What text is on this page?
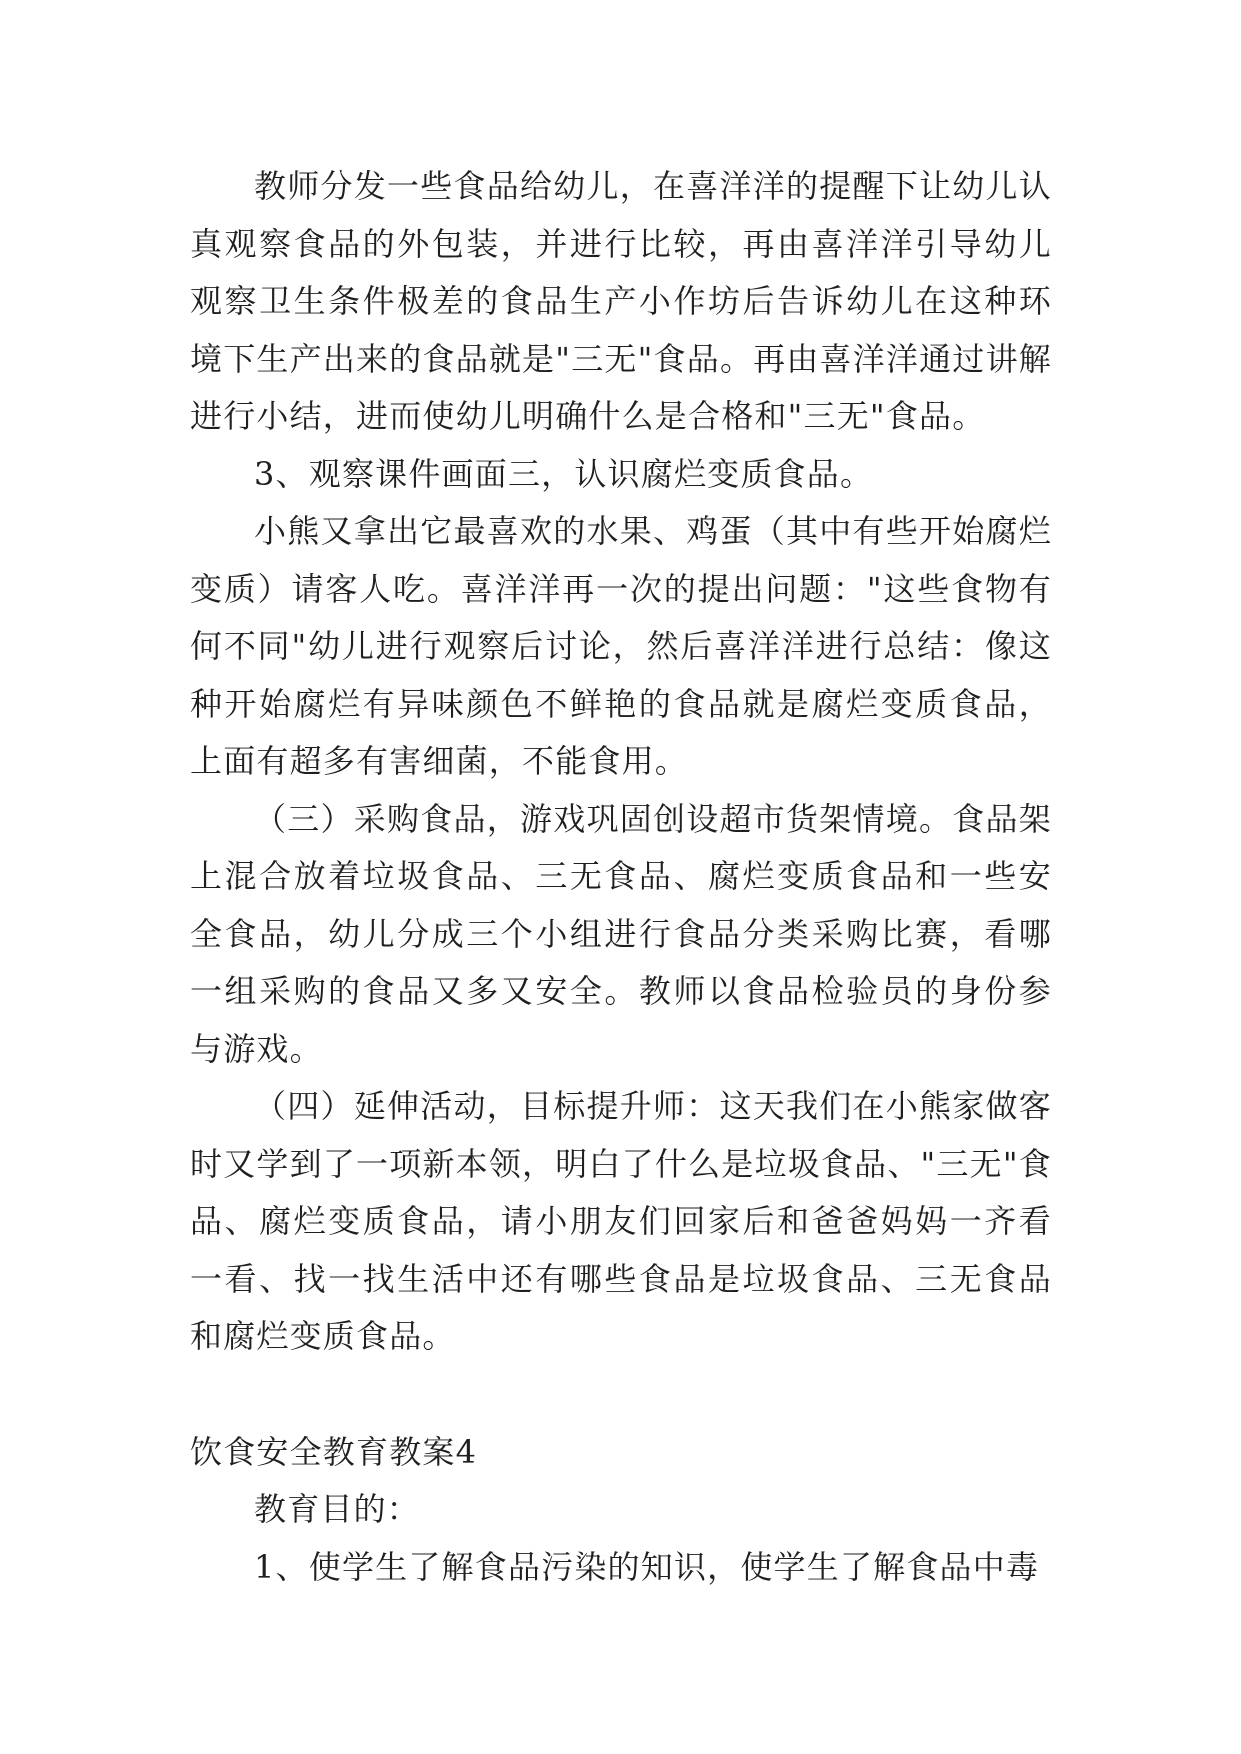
教师分发一些食品给幼儿，在喜洋洋的提醒下让幼儿认真观察食品的外包装，并进行比较，再由喜洋洋引导幼儿观察卫生条件极差的食品生产小作坊后告诉幼儿在这种环境下生产出来的食品就是"三无"食品。再由喜洋洋通过讲解进行小结，进而使幼儿明确什么是合格和"三无"食品。

3、观察课件画面三，认识腐烂变质食品。

小熊又拿出它最喜欢的水果、鸡蛋（其中有些开始腐烂变质）请客人吃。喜洋洋再一次的提出问题："这些食物有何不同"幼儿进行观察后讨论，然后喜洋洋进行总结：像这种开始腐烂有异味颜色不鲜艳的食品就是腐烂变质食品，上面有超多有害细菌，不能食用。

（三）采购食品，游戏巩固创设超市货架情境。食品架上混合放着垃圾食品、三无食品、腐烂变质食品和一些安全食品，幼儿分成三个小组进行食品分类采购比赛，看哪一组采购的食品又多又安全。教师以食品检验员的身份参与游戏。

（四）延伸活动，目标提升师：这天我们在小熊家做客时又学到了一项新本领，明白了什么是垃圾食品、"三无"食品、腐烂变质食品，请小朋友们回家后和爸爸妈妈一齐看一看、找一找生活中还有哪些食品是垃圾食品、三无食品和腐烂变质食品。

饮食安全教育教案4

教育目的：

1、使学生了解食品污染的知识，使学生了解食品中毒
